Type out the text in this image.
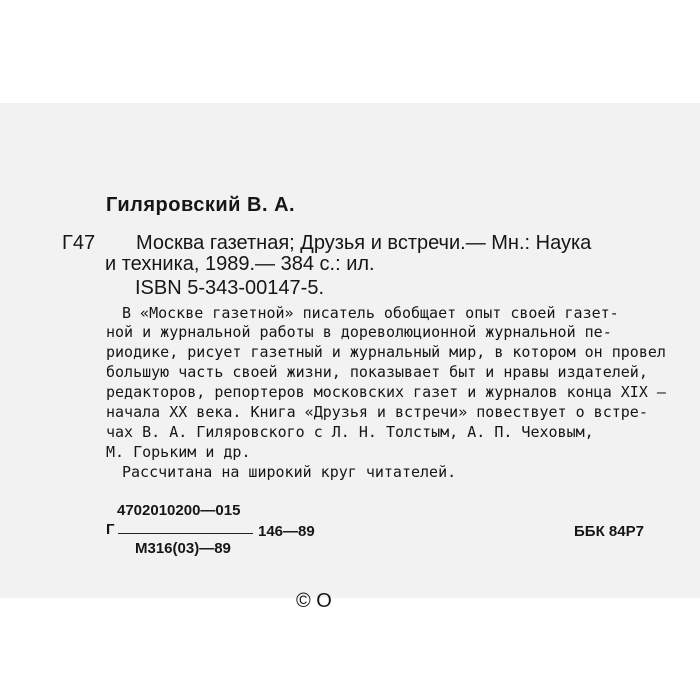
Гиляровский В. А.
Г47 Москва газетная; Друзья и встречи.— Мн.: Наука
и техника, 1989.— 384 с.: ил.
ISBN 5-343-00147-5.
В «Москве газетной» писатель обобщает опыт своей газет-
ной и журнальной работы в дореволюционной журнальной пе-
риодике, рисует газетный и журнальный мир, в котором он провел
большую часть своей жизни, показывает быт и нравы издателей,
редакторов, репортеров московских газет и журналов конца XIX —
начала XX века. Книга «Друзья и встречи» повествует о встре-
чах В. А. Гиляровского с Л. Н. Толстым, А. П. Чеховым,
М. Горьким и др.
Рассчитана на широкий круг читателей.
4702010200—015
Г	146—89
М316(03)—89
ББК 84Р7
© О
